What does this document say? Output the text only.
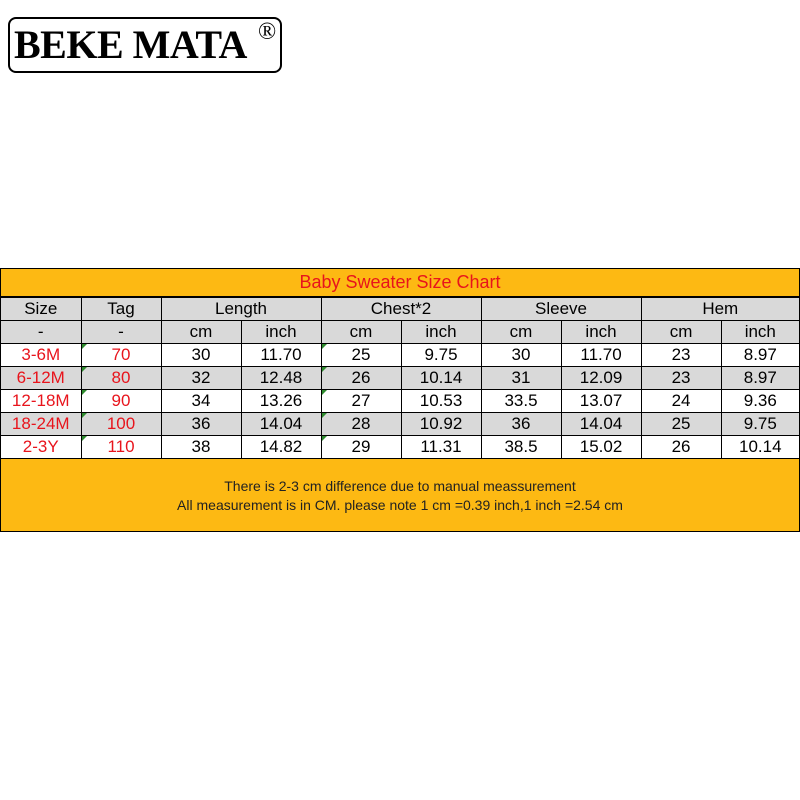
BEKE MATA ®
Baby Sweater Size Chart
Size	Tag	Length		Chest*2		Sleeve		Hem	
-	-	cm	inch	cm	inch	cm	inch	cm	inch
3-6M	70	30	11.70	25	9.75	30	11.70	23	8.97
6-12M	80	32	12.48	26	10.14	31	12.09	23	8.97
12-18M	90	34	13.26	27	10.53	33.5	13.07	24	9.36
18-24M	100	36	14.04	28	10.92	36	14.04	25	9.75
2-3Y	110	38	14.82	29	11.31	38.5	15.02	26	10.14
There is 2-3 cm difference due to manual meassurement
All measurement is in CM. please note 1 cm =0.39 inch,1 inch =2.54 cm
